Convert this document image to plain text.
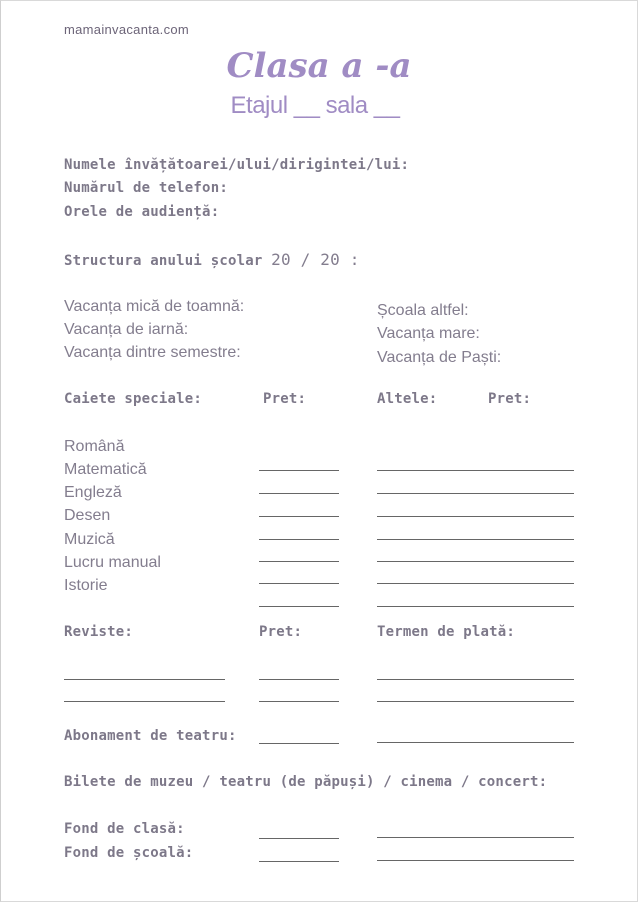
mamainvacanta.com
Clasa a -a
Etajul __ sala __
Numele învățătoarei/ului/dirigintei/lui:
Numărul de telefon:
Orele de audiență:
Structura anului școlar 20 / 20 :
Vacanța mică de toamnă:
Vacanța de iarnă:
Vacanța dintre semestre:
Școala altfel:
Vacanța mare:
Vacanța de Paști:
Caiete speciale:	Pret:	Altele:	Pret:
Română
Matematică
Engleză
Desen
Muzică
Lucru manual
Istorie
Reviste:	Pret:	Termen de plată:
Abonament de teatru:
Bilete de muzeu / teatru (de păpuși) / cinema / concert:
Fond de clasă:
Fond de școală:
